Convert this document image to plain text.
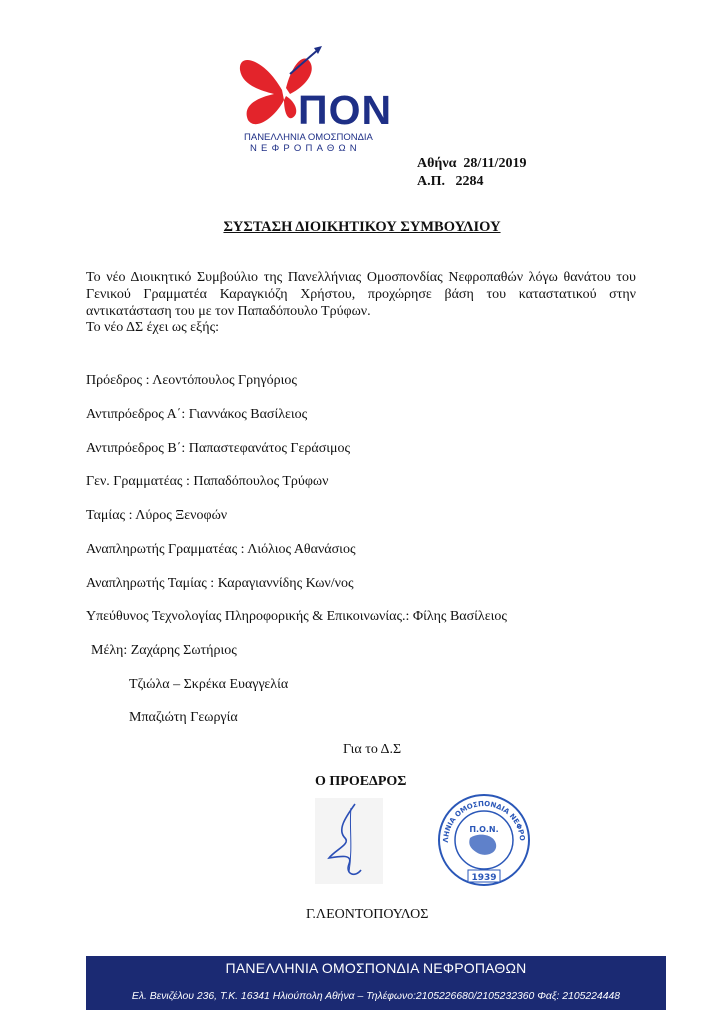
ΠΟΝ
ΠΑΝΕΛΛΗΝΙΑ ΟΜΟΣΠΟΝΔΙΑ
ΝΕΦΡΟΠΑΘΩΝ
Αθήνα  28/11/2019
Α.Π.   2284
ΣΥΣΤΑΣΗ ΔΙΟΙΚΗΤΙΚΟΥ ΣΥΜΒΟΥΛΙΟΥ
Το νέο Διοικητικό Συμβούλιο της Πανελλήνιας Ομοσπονδίας Νεφροπαθών λόγω θανάτου του Γενικού Γραμματέα Καραγκιόζη Χρήστου, προχώρησε βάση του καταστατικού στην αντικατάσταση του με τον Παπαδόπουλο Τρύφων.
Το νέο ΔΣ έχει ως εξής:
Πρόεδρος : Λεοντόπουλος Γρηγόριος
Αντιπρόεδρος Α΄: Γιαννάκος Βασίλειος
Αντιπρόεδρος Β΄: Παπαστεφανάτος Γεράσιμος
Γεν. Γραμματέας : Παπαδόπουλος Τρύφων
Ταμίας : Λύρος Ξενοφών
Αναπληρωτής Γραμματέας : Λιόλιος Αθανάσιος
Αναπληρωτής Ταμίας : Καραγιαννίδης Κων/νος
Υπεύθυνος Τεχνολογίας Πληροφορικής & Επικοινωνίας.: Φίλης Βασίλειος
Μέλη: Ζαχάρης Σωτήριος
Τζιώλα – Σκρέκα Ευαγγελία
Μπαζιώτη Γεωργία
Για το Δ.Σ
Ο ΠΡΟΕΔΡΟΣ
ΛΗΝΙΑ ΟΜΟΣΠΟΝΔΙΑ ΝΕΦΡΟ
Π.Ο.Ν.
1939
Γ.ΛΕΟΝΤΟΠΟΥΛΟΣ
ΠΑΝΕΛΛΗΝΙΑ ΟΜΟΣΠΟΝΔΙΑ ΝΕΦΡΟΠΑΘΩΝ
Ελ. Βενιζέλου 236, Τ.Κ. 16341 Ηλιούπολη Αθήνα – Τηλέφωνο:2105226680/2105232360 Φαξ: 2105224448
